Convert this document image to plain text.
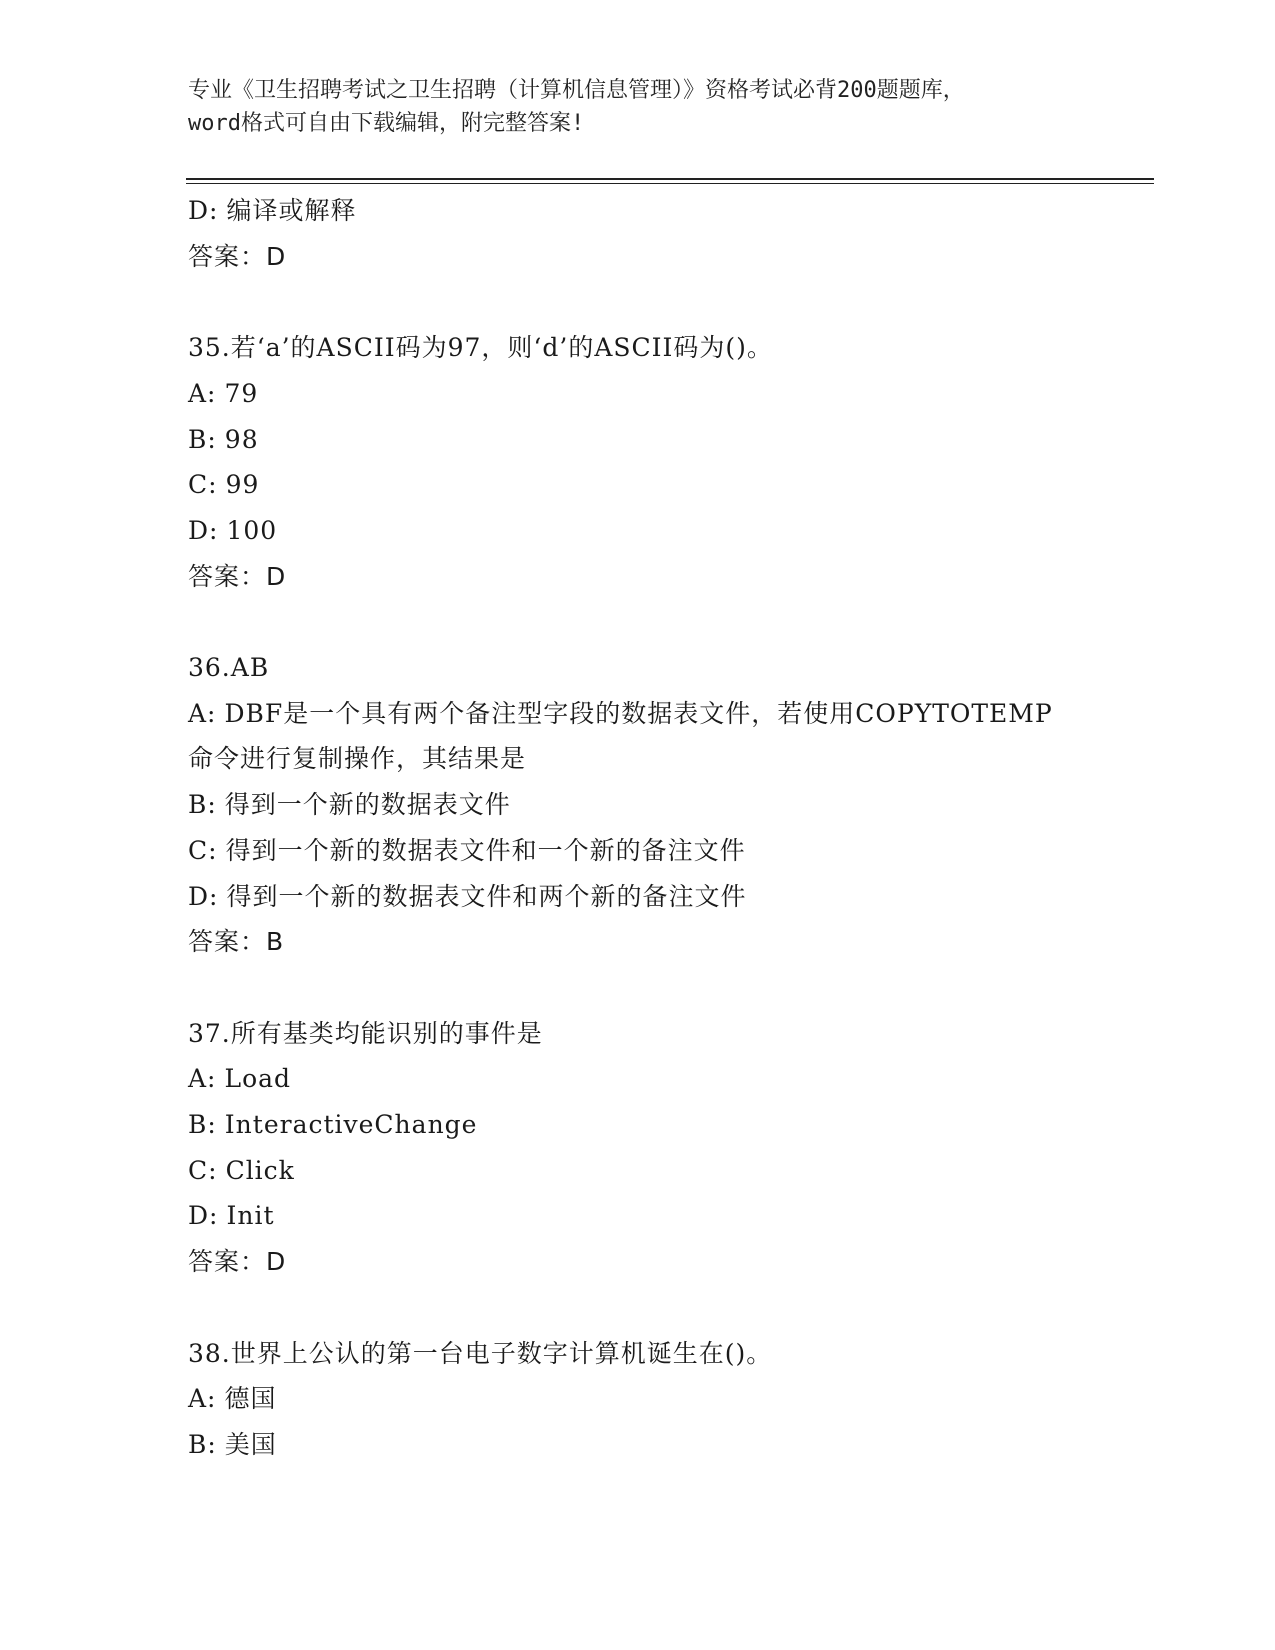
专业《卫生招聘考试之卫生招聘（计算机信息管理）》资格考试必背200题题库，
word格式可自由下载编辑，附完整答案!
D: 编译或解释
答案：D
35.若‘a’的ASCII码为97，则‘d’的ASCII码为()。
A: 79
B: 98
C: 99
D: 100
答案：D
36.AB
A: DBF是一个具有两个备注型字段的数据表文件，若使用COPYTOTEMP
命令进行复制操作，其结果是
B: 得到一个新的数据表文件
C: 得到一个新的数据表文件和一个新的备注文件
D: 得到一个新的数据表文件和两个新的备注文件
答案：B
37.所有基类均能识别的事件是
A: Load
B: InteractiveChange
C: Click
D: Init
答案：D
38.世界上公认的第一台电子数字计算机诞生在()。
A: 德国
B: 美国
